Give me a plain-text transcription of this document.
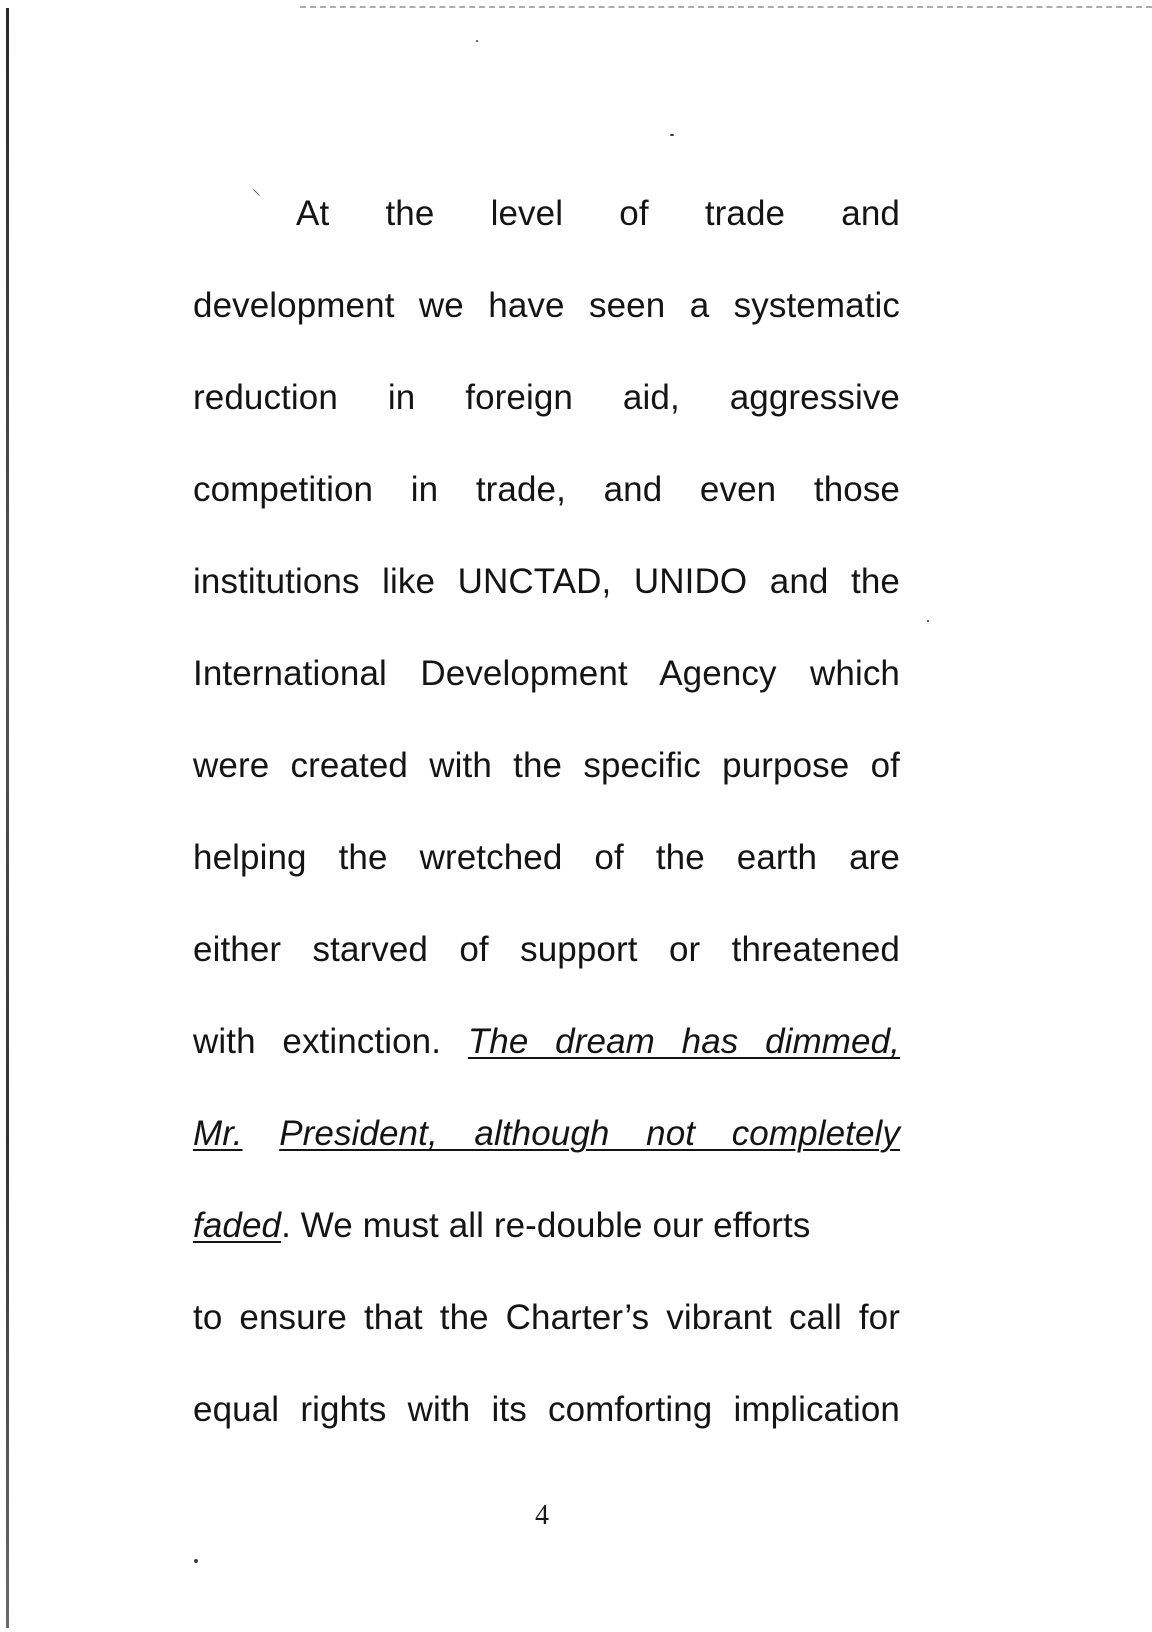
⸌	At the level of trade and
development we have seen a systematic
reduction in foreign aid, aggressive
competition in trade, and even those
institutions like UNCTAD, UNIDO and the
International Development Agency which
were created with the specific purpose of
helping the wretched of the earth are
either starved of support or threatened
with extinction. The dream has dimmed,
Mr. President, although not completely
faded. We must all re-double our efforts
to ensure that the Charter’s vibrant call for
equal rights with its comforting implication
4
